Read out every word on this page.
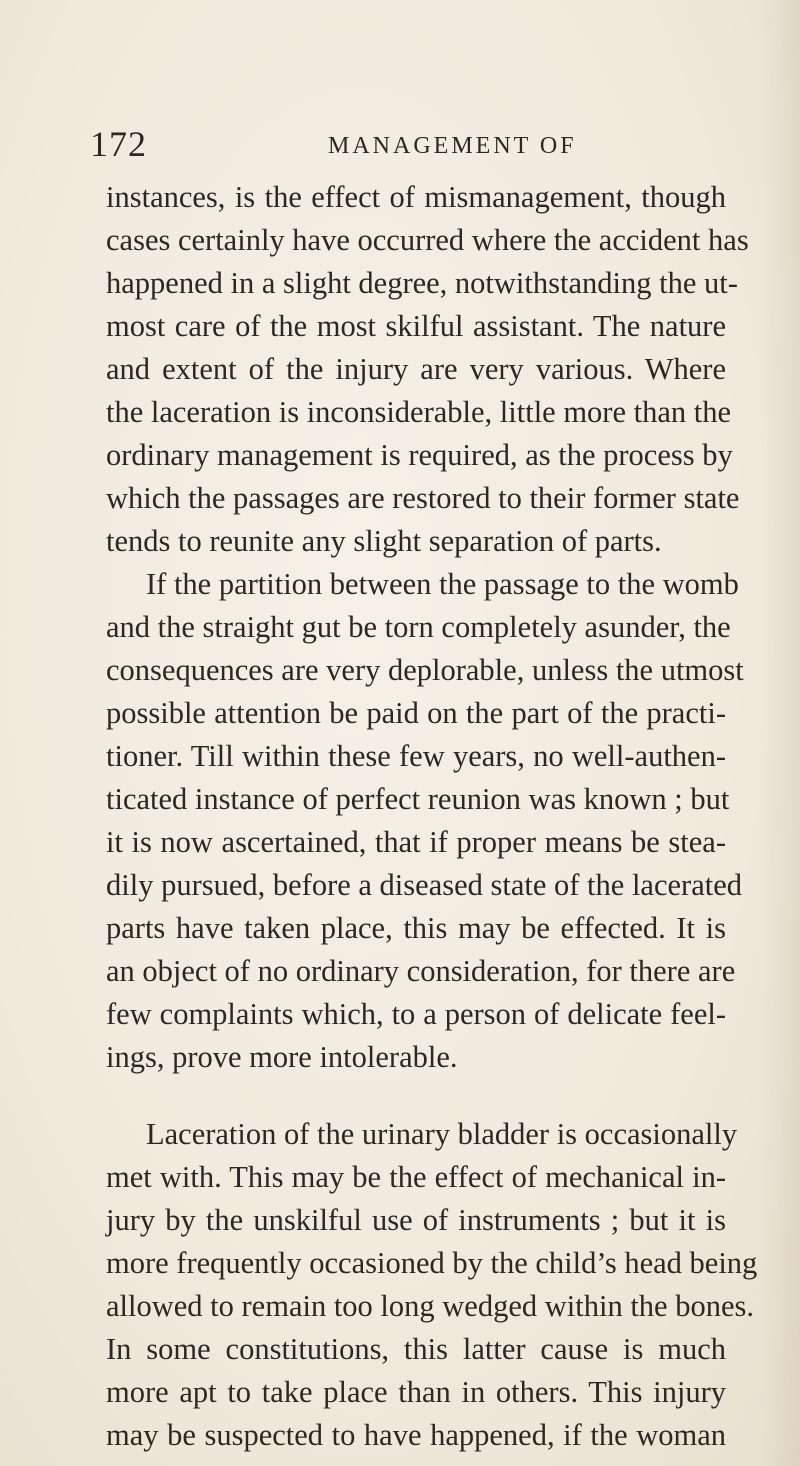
172	MANAGEMENT OF
instances, is the effect of mismanagement, though
cases certainly have occurred where the accident has
happened in a slight degree, notwithstanding the ut-
most care of the most skilful assistant. The nature
and extent of the injury are very various. Where
the laceration is inconsiderable, little more than the
ordinary management is required, as the process by
which the passages are restored to their former state
tends to reunite any slight separation of parts.
If the partition between the passage to the womb
and the straight gut be torn completely asunder, the
consequences are very deplorable, unless the utmost
possible attention be paid on the part of the practi-
tioner. Till within these few years, no well-authen-
ticated instance of perfect reunion was known ; but
it is now ascertained, that if proper means be stea-
dily pursued, before a diseased state of the lacerated
parts have taken place, this may be effected. It is
an object of no ordinary consideration, for there are
few complaints which, to a person of delicate feel-
ings, prove more intolerable.
Laceration of the urinary bladder is occasionally
met with. This may be the effect of mechanical in-
jury by the unskilful use of instruments ; but it is
more frequently occasioned by the child’s head being
allowed to remain too long wedged within the bones.
In some constitutions, this latter cause is much
more apt to take place than in others. This injury
may be suspected to have happened, if the woman
